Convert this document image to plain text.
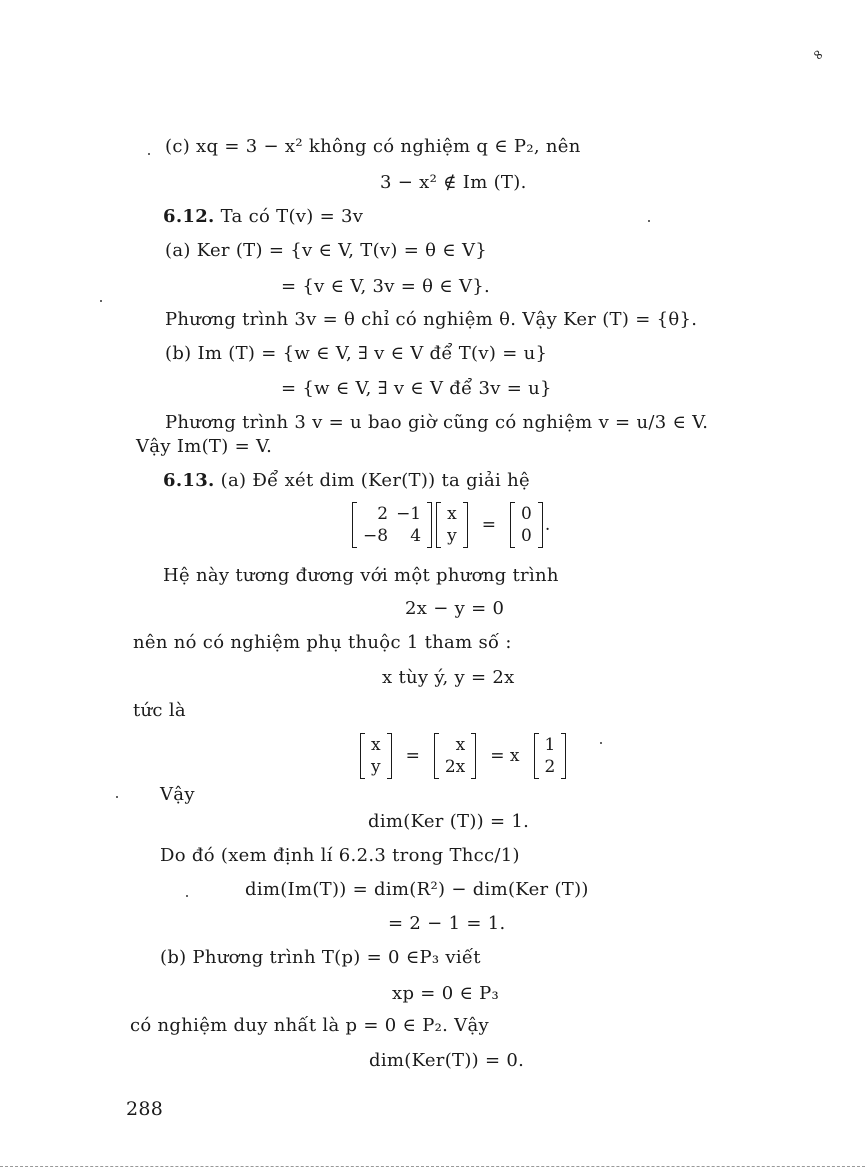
∞
(c) xq = 3 − x² không có nghiệm q ∈ P₂, nên
3 − x² ∉ Im (T).
6.12. Ta có T(v) = 3v
(a) Ker (T) = {v ∈ V, T(v) = θ ∈ V}
= {v ∈ V, 3v = θ ∈ V}.
Phương trình 3v = θ chỉ có nghiệm θ. Vậy Ker (T) = {θ}.
(b) Im (T) = {w ∈ V, ∃ v ∈ V để T(v) = u}
= {w ∈ V, ∃ v ∈ V để 3v = u}
Phương trình 3 v = u bao giờ cũng có nghiệm v = u/3 ∈ V.
Vậy Im(T) = V.
6.13. (a) Để xét dim (Ker(T)) ta giải hệ
2 −1
−8	4
x
y
=
0
0
.
Hệ này tương đương với một phương trình
2x − y = 0
nên nó có nghiệm phụ thuộc 1 tham số :
x tùy ý, y = 2x
tức là
x
y
=
x
2x
= x
1
2
Vậy
dim(Ker (T)) = 1.
Do đó (xem định lí 6.2.3 trong Thcc/1)
dim(Im(T)) = dim(R²) − dim(Ker (T))
= 2 − 1 = 1.
(b) Phương trình T(p) = 0 ∈P₃ viết
xp = 0 ∈ P₃
có nghiệm duy nhất là p = 0 ∈ P₂. Vậy
dim(Ker(T)) = 0.
288
